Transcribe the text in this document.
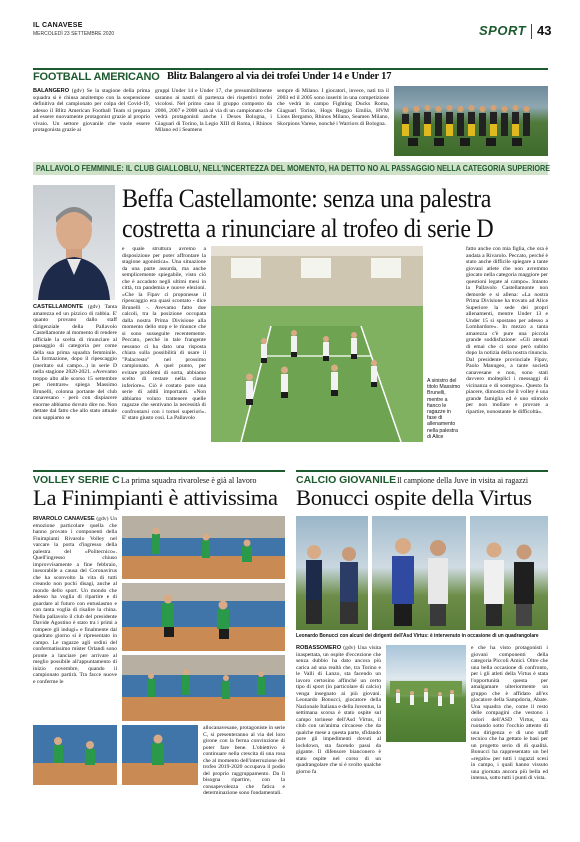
IL CANAVESE
MERCOLEDÌ 23 SETTEMBRE 2020	SPORT 43
FOOTBALL AMERICANO Blitz Balangero al via dei trofei Under 14 e Under 17

BALANGERO (gdv) Se la stagione della prima squadra si è chiusa anzitempo con la sospensione definitiva del campionato per colpa del Covid-19, adesso il Blitz American Football Team si prepara ad essere nuovamente protagonist grazie al proprio vivaio. Un settore giovanile che vuole essere protagonista grazie ai

gruppi Under 14 e Under 17, che presumibilmente saranno ai nastri di partenza dei rispettivi trofei vicolosi. Nel primo caso il gruppo composto da 2006, 2007 e 2008 sarà al via di un campionato che vedrà protagonisti anche i Dexes Bologna, i Giaguari di Torino, la Legio XIII di Roma, i Rhinos Milano ed i Seamens

sempre di Milano. I giocatori, invece, nati tra il 2003 ed il 2005 sono inseriti in una competizione che vedrà in campo Fighting Ducks Roma, Giaguari Torino, Hogs Reggio Emilia, HVM Lions Bergamo, Rhinos Milano, Seamen Milano, Skorpions Varese, nonché i Warriors di Bologna.

PALLAVOLO FEMMINILE: IL CLUB GIALLOBLU, NELL'INCERTEZZA DEL MOMENTO, HA DETTO NO AL PASSAGGIO NELLA CATEGORIA SUPERIORE
Beffa Castellamonte: senza una palestra
costretta a rinunciare al trofeo di serie D

CASTELLAMONTE (gdv) Tanta amarezza ed un pizzico di rabbia. E' quanto provano dallo staff dirigenziale della Pallavolo Castellamonte al momento di rendere ufficiale la scelta di rinunciare al passaggio di categoria per come della sua prima squadra femminile. La formazione, dopo il ripescaggio (meritato sul campo...) in serie D nella stagione 2020-2021. «Avevamo troppo alto alle scorso 15 settembre per rientrare» spiega Massimo Brunelli, colonna portante del club canavesano - però con dispiacere enorme abbiamo dovuto dire no. Non dettate dal fatto che allo stato attuale non sappiamo se

e quale struttura avremo a disposizione per poter affrontare la stagione agonistica». Una situazione da una parte assurda, ma anche semplicemente spiegabile, visto ciò che è accaduto negli ultimi mesi in città, tra pandemia e nuove elezioni. «Che la Fipav ci proponesse il ripescaggio era quasi scontato - dice Brunelli -. Avevamo fatto due calcoli, tra la posizione occupata dalla nostra Prima Divisione alla momento dello stop e le rinunce che si sono susseguite recentemente. Peccato, perché in tale frangente nessuno ci ha dato una risposta chiara sulla possibilità di usare il "Palacresto" nel prossimo campionato. A quel punto, per evitare problemi di sorta, abbiamo scelto di restare nella classe inferiore». Ciò è costato pure una serie di addii importanti. «Non abbiamo voluto trattenere quelle ragazze che sentivano la necessità di confrontarsi con i tornei superiori». E' stato giusto così. La Pallavolo

A sinistro del titolo Massimo Brunelli, mentre a fianco le ragazze in fase di allenamento nella palestra di Alice

fatto anche con mia figlia, che ora è andata a Rivarolo. Peccato, perché è stato anche difficile spiegare a tante giovani atlete che non avremmo giocato nella categoria maggiore per questioni legate al campo». Intanto la Pallavolo Castellamonte non demorde e si allena: «La nostra Prima Divisione ha trovato ad Alice Superiore la sede dei propri allenamenti, mentre Under 13 e Under 15 si spostano per adesso a Lombardore». In mezzo a tanta amarezza c'è pure una piccola grande soddisfazione: «Gli atenati di emai che ci sono però subito dopo la notizia della nostra rinuncia. Dal presidente provinciale Fipav, Paolo Manugeo, a tante società canavesane e non, sono stati davvero molteplici i messaggi di vicinanza e di sostegno». Questo fa piacere, dimostra che il volley è una grande famiglia ed è uno stimolo per non mollare e provare a ripartire, nonostante le difficoltà».

VOLLEY SERIE C La prima squadra rivarolese è già al lavoro
La Finimpianti è attivissima

RIVAROLO CANAVESE (gdv) Un emozione particolare quella che hanno provato i componenti della Finimpianti Rivarolo Volley nel varcare la porta d'ingresso della palestra del «Politecnico». Quell'ingresso chiuso improvvisamente a fine febbraio, inesorabile a causa del Coronavirus che ha sconvolto la vita di tutti creando non pochi disagi, anche al mondo dello sport. Un mondo che adesso ha voglia di ripartire e di guardare al futuro con entusiasmo e con tanta voglia di risalire la china. Nella pallavolo il club del presidente Davide Agostino è stato tra i primi a rompere gli indugi» e finalmente dal quadrato giorno si è ripresentato in campo. Le ragazze agli ordini del confermatissimo mister Orlandi sono pronte a lanciare per arrivare al meglio possibile all'appuntamento di inizio novembre, quando il campionato partirà. Tra facce nuove e conferme le

allocanavesane, protagoniste in serie C, si presenteranno al via del loro girone con la ferma convinzione di poter fare bene. L'obiettivo è continuare nella crescita di una rosa che al momento dell'interruzione del trofeo 2019-2020 occupava il podio del proprio raggruppamento. Da lì bisogna ripartire, con la consapevolezza che fatica e determinazione sono fondamentali.

CALCIO GIOVANILE Il campione della Juve in visita ai ragazzi
Bonucci ospite della Virtus
Leonardo Bonucci con alcuni dei dirigenti dell'Asd Virtus: è intervenuto in occasione di un quadrangolare

ROBASSOMERO (gdv) Una visita inaspettata, un ospite d'eccezione che senza dubbio ha dato ancora più carica ad una realtà che, tra Torino e le Valli di Lanzo, sta facendo un lavoro certosino affinché un certo tipo di sport (in particolare di calcio) venga insegnato ai più giovani. Leonardo Bonucci, giocatore della Nazionale Italiana e della Juventus, la settimana scorsa è stato ospite sul campo torinese dell'Asd Virtus, il club con un'anima circacese che da qualche mese a questa parte, sfidando pure gli impedimenti dovuti al lockdown, sta facendo passi da gigante. Il difensore bianconero è stato ospite nel corso di un quadrangolare che si è svolto qualche giorno fa

e che ha visto protagonisti i giovani componenti della categoria Piccoli Amici. Oltre che una bella occasione di confronto, per i gli atleti della Virtus è stata l'opportunità questa per amalgamare ulteriormente un gruppo che è affidato all'ex giocatore della Sampdoria, Abate. Una squadra che, come il resto delle compagini che vestono i colori dell'ASD Virtus, sta ruotando sotto l'occhio attento di una dirigenza e di uno staff tecnico che ha gettato le basi per un progetto serio di di qualità. Bonucci ha rappresentato un bel «regalo» per tutti i ragazzi scesi in campo, i quali hanno vissuto una giornata ancora più bella ed intensa, sotto tutti i punti di vista.
